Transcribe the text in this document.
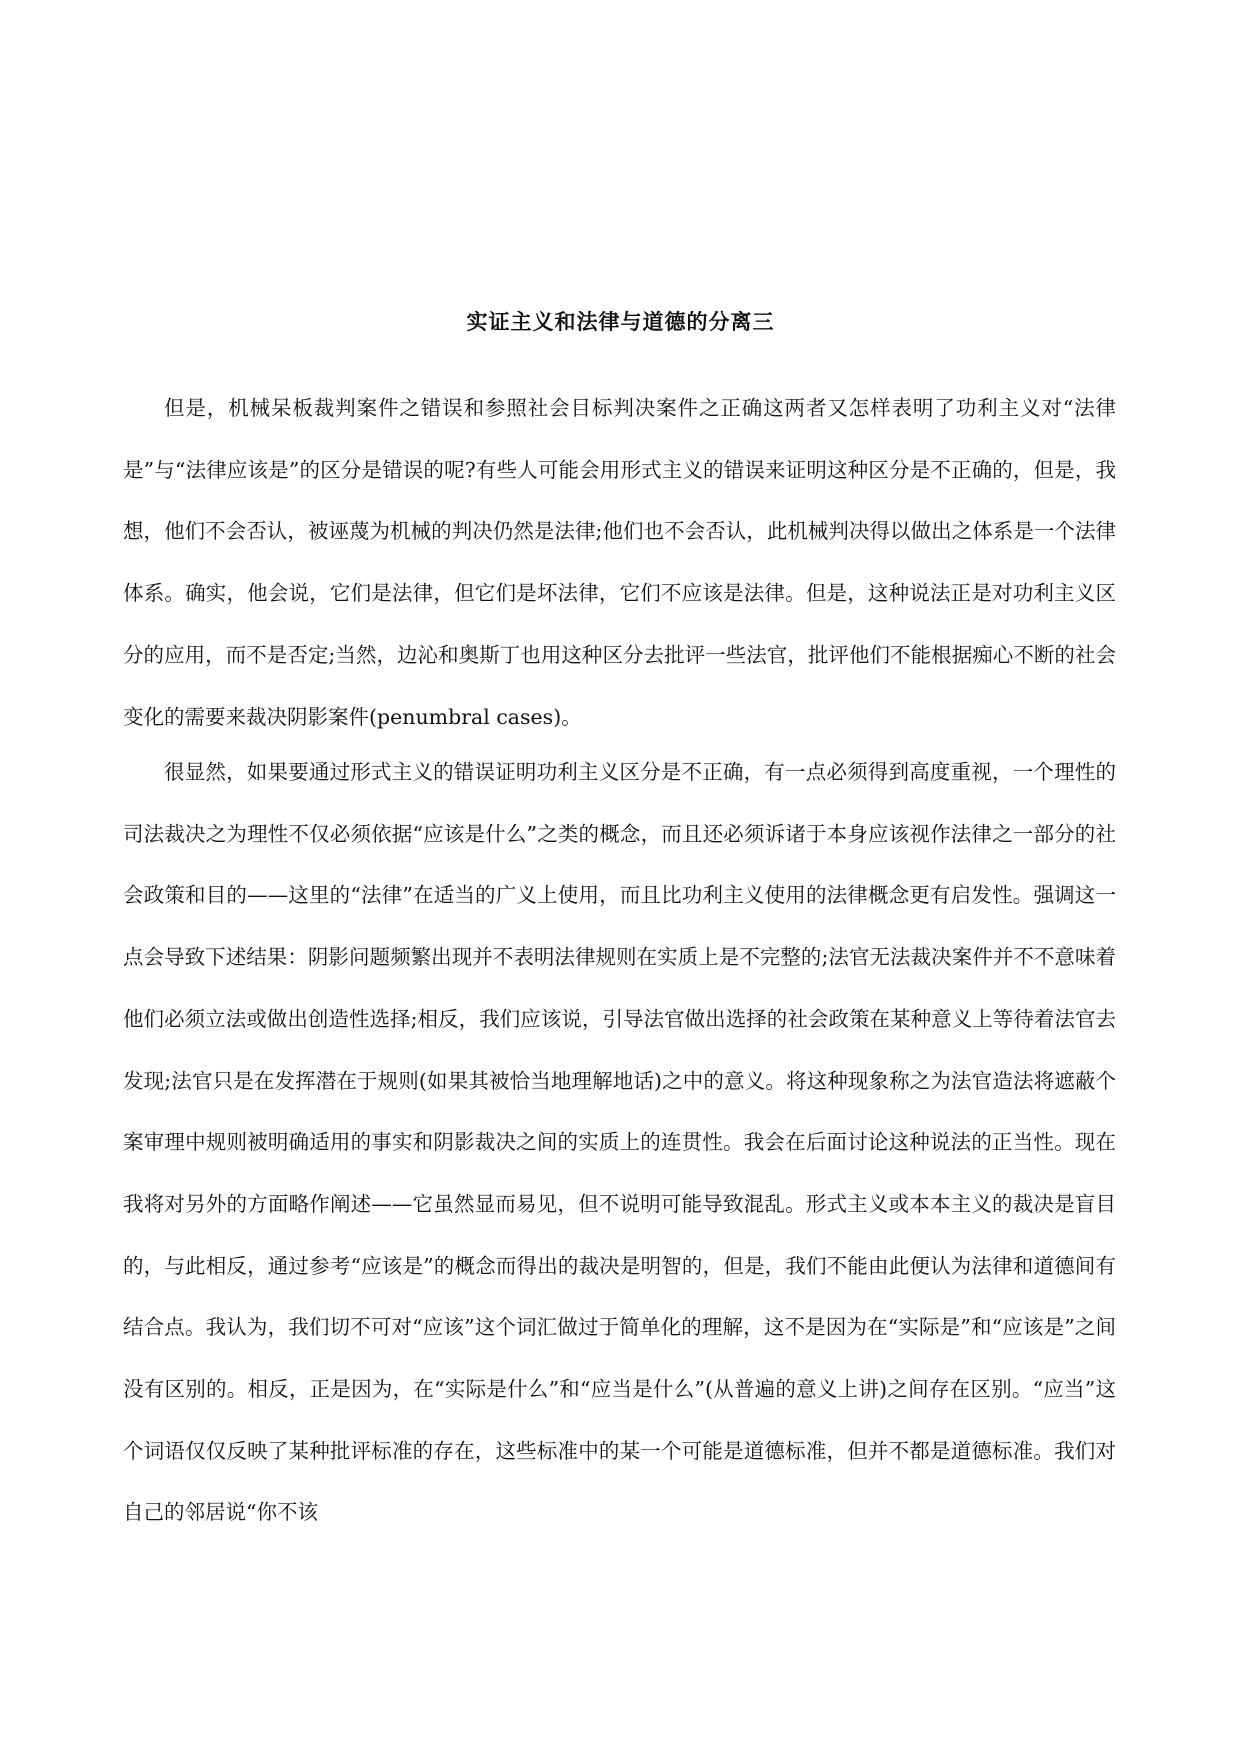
实证主义和法律与道德的分离三

但是，机械呆板裁判案件之错误和参照社会目标判决案件之正确这两者又怎样表明了功利主义对“法律是”与“法律应该是”的区分是错误的呢?有些人可能会用形式主义的错误来证明这种区分是不正确的，但是，我想，他们不会否认，被诬蔑为机械的判决仍然是法律;他们也不会否认，此机械判决得以做出之体系是一个法律体系。确实，他会说，它们是法律，但它们是坏法律，它们不应该是法律。但是，这种说法正是对功利主义区分的应用，而不是否定;当然，边沁和奥斯丁也用这种区分去批评一些法官，批评他们不能根据痴心不断的社会变化的需要来裁决阴影案件(penumbral cases)。

很显然，如果要通过形式主义的错误证明功利主义区分是不正确，有一点必须得到高度重视，一个理性的司法裁决之为理性不仅必须依据“应该是什么”之类的概念，而且还必须诉诸于本身应该视作法律之一部分的社会政策和目的——这里的“法律”在适当的广义上使用，而且比功利主义使用的法律概念更有启发性。强调这一点会导致下述结果：阴影问题频繁出现并不表明法律规则在实质上是不完整的;法官无法裁决案件并不不意味着他们必须立法或做出创造性选择;相反，我们应该说，引导法官做出选择的社会政策在某种意义上等待着法官去发现;法官只是在发挥潜在于规则(如果其被恰当地理解地话)之中的意义。将这种现象称之为法官造法将遮蔽个案审理中规则被明确适用的事实和阴影裁决之间的实质上的连贯性。我会在后面讨论这种说法的正当性。现在我将对另外的方面略作阐述——它虽然显而易见，但不说明可能导致混乱。形式主义或本本主义的裁决是盲目的，与此相反，通过参考“应该是”的概念而得出的裁决是明智的，但是，我们不能由此便认为法律和道德间有结合点。我认为，我们切不可对“应该”这个词汇做过于简单化的理解，这不是因为在“实际是”和“应该是”之间没有区别的。相反，正是因为，在“实际是什么”和“应当是什么”(从普遍的意义上讲)之间存在区别。“应当”这个词语仅仅反映了某种批评标准的存在，这些标准中的某一个可能是道德标准，但并不都是道德标准。我们对自己的邻居说“你不该
